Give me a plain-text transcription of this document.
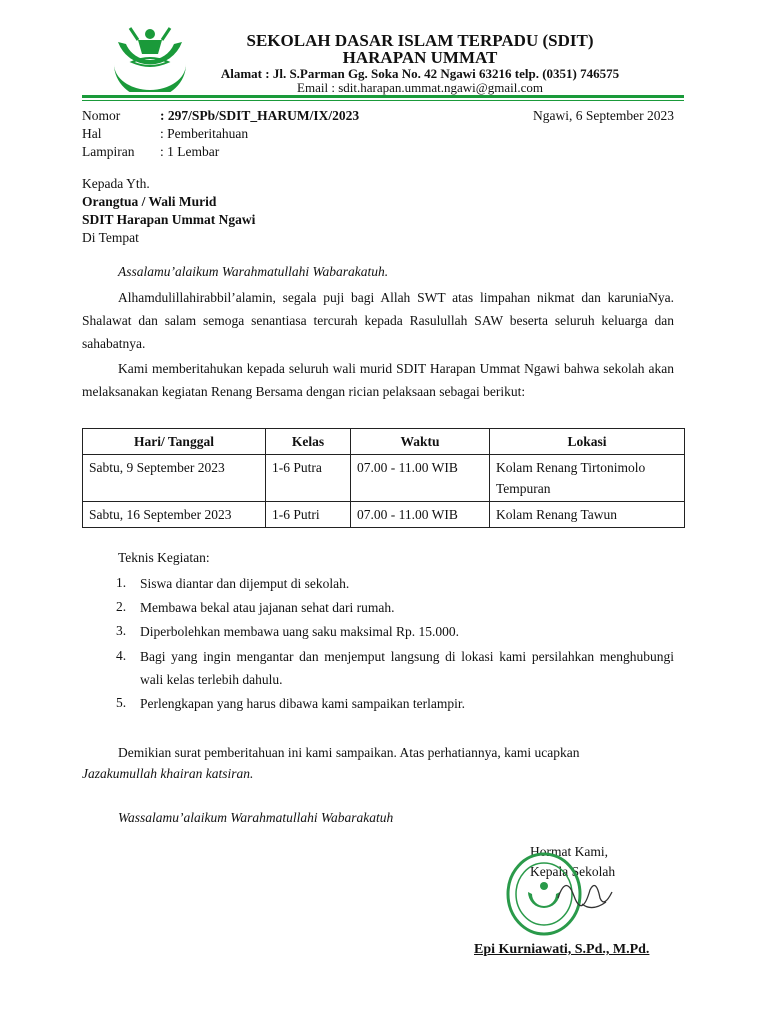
SEKOLAH DASAR ISLAM TERPADU (SDIT)
HARAPAN UMMAT
Alamat : Jl. S.Parman Gg. Soka No. 42 Ngawi 63216 telp. (0351) 746575
Email : sdit.harapan.ummat.ngawi@gmail.com
Nomor	: 297/SPb/SDIT_HARUM/IX/2023	Ngawi, 6 September 2023
Hal	: Pemberitahuan
Lampiran : 1 Lembar
Kepada Yth.
Orangtua / Wali Murid
SDIT Harapan Ummat Ngawi
Di Tempat
Assalamu’alaikum Warahmatullahi Wabarakatuh.
Alhamdulillahirabbil’alamin, segala puji bagi Allah SWT atas limpahan nikmat dan karuniaNya. Shalawat dan salam semoga senantiasa tercurah kepada Rasulullah SAW beserta seluruh keluarga dan sahabatnya.
Kami memberitahukan kepada seluruh wali murid SDIT Harapan Ummat Ngawi bahwa sekolah akan melaksanakan kegiatan Renang Bersama dengan rician pelaksaan sebagai berikut:
Hari/ Tanggal	Kelas	Waktu	Lokasi
Sabtu, 9 September 2023	1-6 Putra	07.00 - 11.00 WIB	Kolam Renang Tirtonimolo Tempuran
Sabtu, 16 September 2023	1-6 Putri	07.00 - 11.00 WIB	Kolam Renang Tawun
Teknis Kegiatan:
1. Siswa diantar dan dijemput di sekolah.
2. Membawa bekal atau jajanan sehat dari rumah.
3. Diperbolehkan membawa uang saku maksimal Rp. 15.000.
4. Bagi yang ingin mengantar dan menjemput langsung di lokasi kami persilahkan menghubungi wali kelas terlebih dahulu.
5. Perlengkapan yang harus dibawa kami sampaikan terlampir.
Demikian surat pemberitahuan ini kami sampaikan. Atas perhatiannya, kami ucapkan
Jazakumullah khairan katsiran.
Wassalamu’alaikum Warahmatullahi Wabarakatuh
Hormat Kami,
Kepala Sekolah
Epi Kurniawati, S.Pd., M.Pd.
